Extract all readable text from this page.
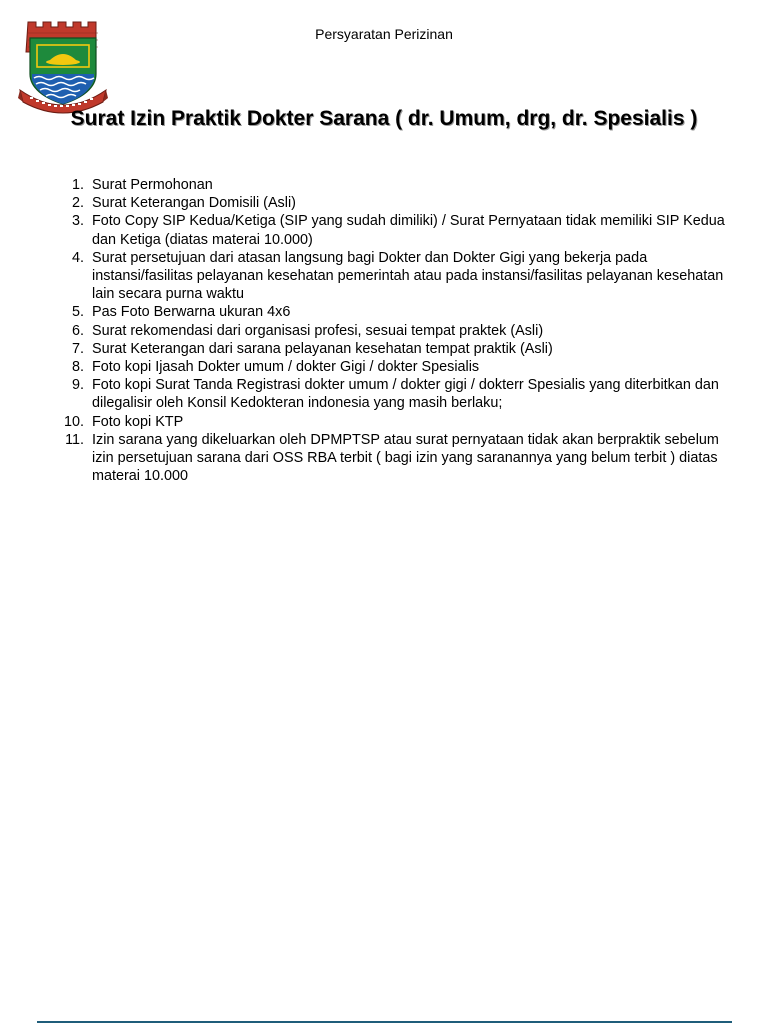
Persyaratan Perizinan
Surat Izin Praktik Dokter Sarana ( dr. Umum, drg, dr. Spesialis )
1. Surat Permohonan
2. Surat Keterangan Domisili (Asli)
3. Foto Copy SIP Kedua/Ketiga (SIP yang sudah dimiliki) / Surat Pernyataan tidak memiliki SIP Kedua dan Ketiga (diatas materai 10.000)
4. Surat persetujuan dari atasan langsung bagi Dokter dan Dokter Gigi yang bekerja pada instansi/fasilitas pelayanan kesehatan pemerintah atau pada instansi/fasilitas pelayanan kesehatan lain secara purna waktu
5. Pas Foto Berwarna ukuran 4x6
6. Surat rekomendasi dari organisasi profesi, sesuai tempat praktek (Asli)
7. Surat Keterangan dari sarana pelayanan kesehatan tempat praktik (Asli)
8. Foto kopi Ijasah Dokter umum / dokter Gigi / dokter Spesialis
9. Foto kopi Surat Tanda Registrasi dokter umum / dokter gigi / dokterr Spesialis yang diterbitkan dan dilegalisir oleh Konsil Kedokteran indonesia yang masih berlaku;
10. Foto kopi KTP
11. Izin sarana yang dikeluarkan oleh DPMPTSP atau surat pernyataan tidak akan berpraktik sebelum izin persetujuan sarana dari OSS RBA terbit ( bagi izin yang saranannya yang belum terbit ) diatas materai 10.000
